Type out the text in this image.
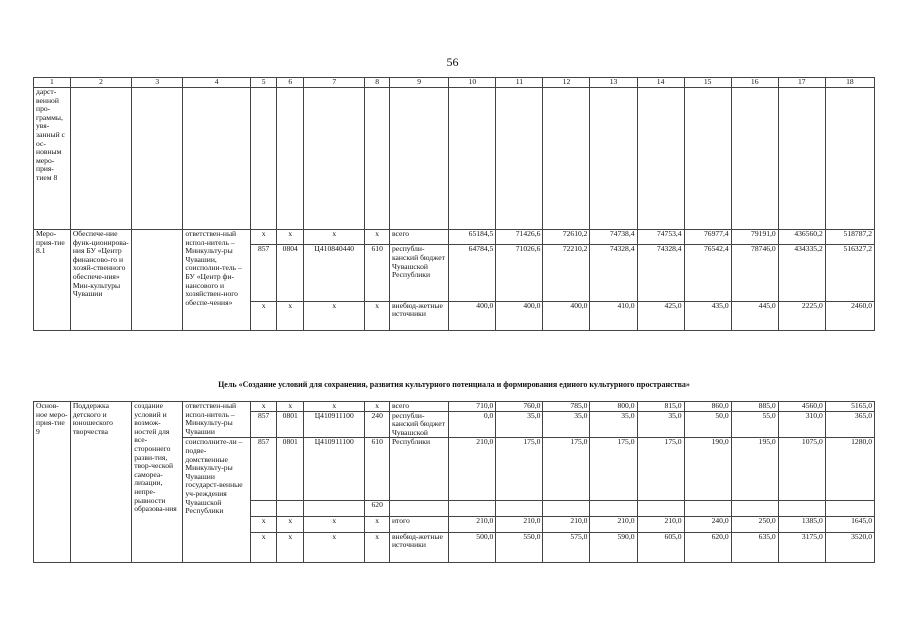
56
1	2	3	4	5	6	7	8	9	10	11	12	13	14	15	16	17	18
дарст-венной про-граммы, увя-занный с ос-новным меро-прия-тием 8																	
Меро-прия-тие 8.1	Обеспече-ние функ-ционирова-ния БУ «Центр финансово-го и хозяй-ственного обеспече-ния» Мин-культуры Чувашии		ответствен-ный испол-нитель – Минкульту-ры Чувашии, соисполни-тель – БУ «Центр фи-нансового и хозяйствен-ного обеспе-чения»	x	x	x	x	всего	65184,5	71426,6	72610,2	74738,4	74753,4	76977,4	79191,0	436560,2	518787,2
				857	0804	Ц410840440	610	республи-канский бюджет Чувашской Республики	64784,5	71026,6	72210,2	74328,4	74328,4	76542,4	78746,0	434335,2	516327,2
				x	x	x	x	внебюд-жетные источники	400,0	400,0	400,0	410,0	425,0	435,0	445,0	2225,0	2460,0
Цель «Создание условий для сохранения, развития культурного потенциала и формирования единого культурного пространства»
Основ-ное меро-прия-тие 9	Поддержка детского и юношеского творчества	создание условий и возмож-ностей для все-стороннего разви-тия, твор-ческой самореа-лизации, непре-рывности образова-ния	ответствен-ный испол-нитель – Минкульту-ры Чувашии	x	x	x	x	всего	710,0	760,0	785,0	800,0	815,0	860,0	885,0	4560,0	5165,0
				857	0801	Ц410911100	240	республи-канский бюджет Чувашской	0,0	35,0	35,0	35,0	35,0	50,0	55,0	310,0	365,0
			соисполните-ли – подве-домственные Минкульту-ры Чувашии государст-венные уч-реждения Чувашской Республики	857	0801	Ц410911100	610	Республики	210,0	175,0	175,0	175,0	175,0	190,0	195,0	1075,0	1280,0
							620										
				x	x	x	x	итого	210,0	210,0	210,0	210,0	210,0	240,0	250,0	1385,0	1645,0
				x	x	x	x	внебюд-жетные источники	500,0	550,0	575,0	590,0	605,0	620,0	635,0	3175,0	3520,0
